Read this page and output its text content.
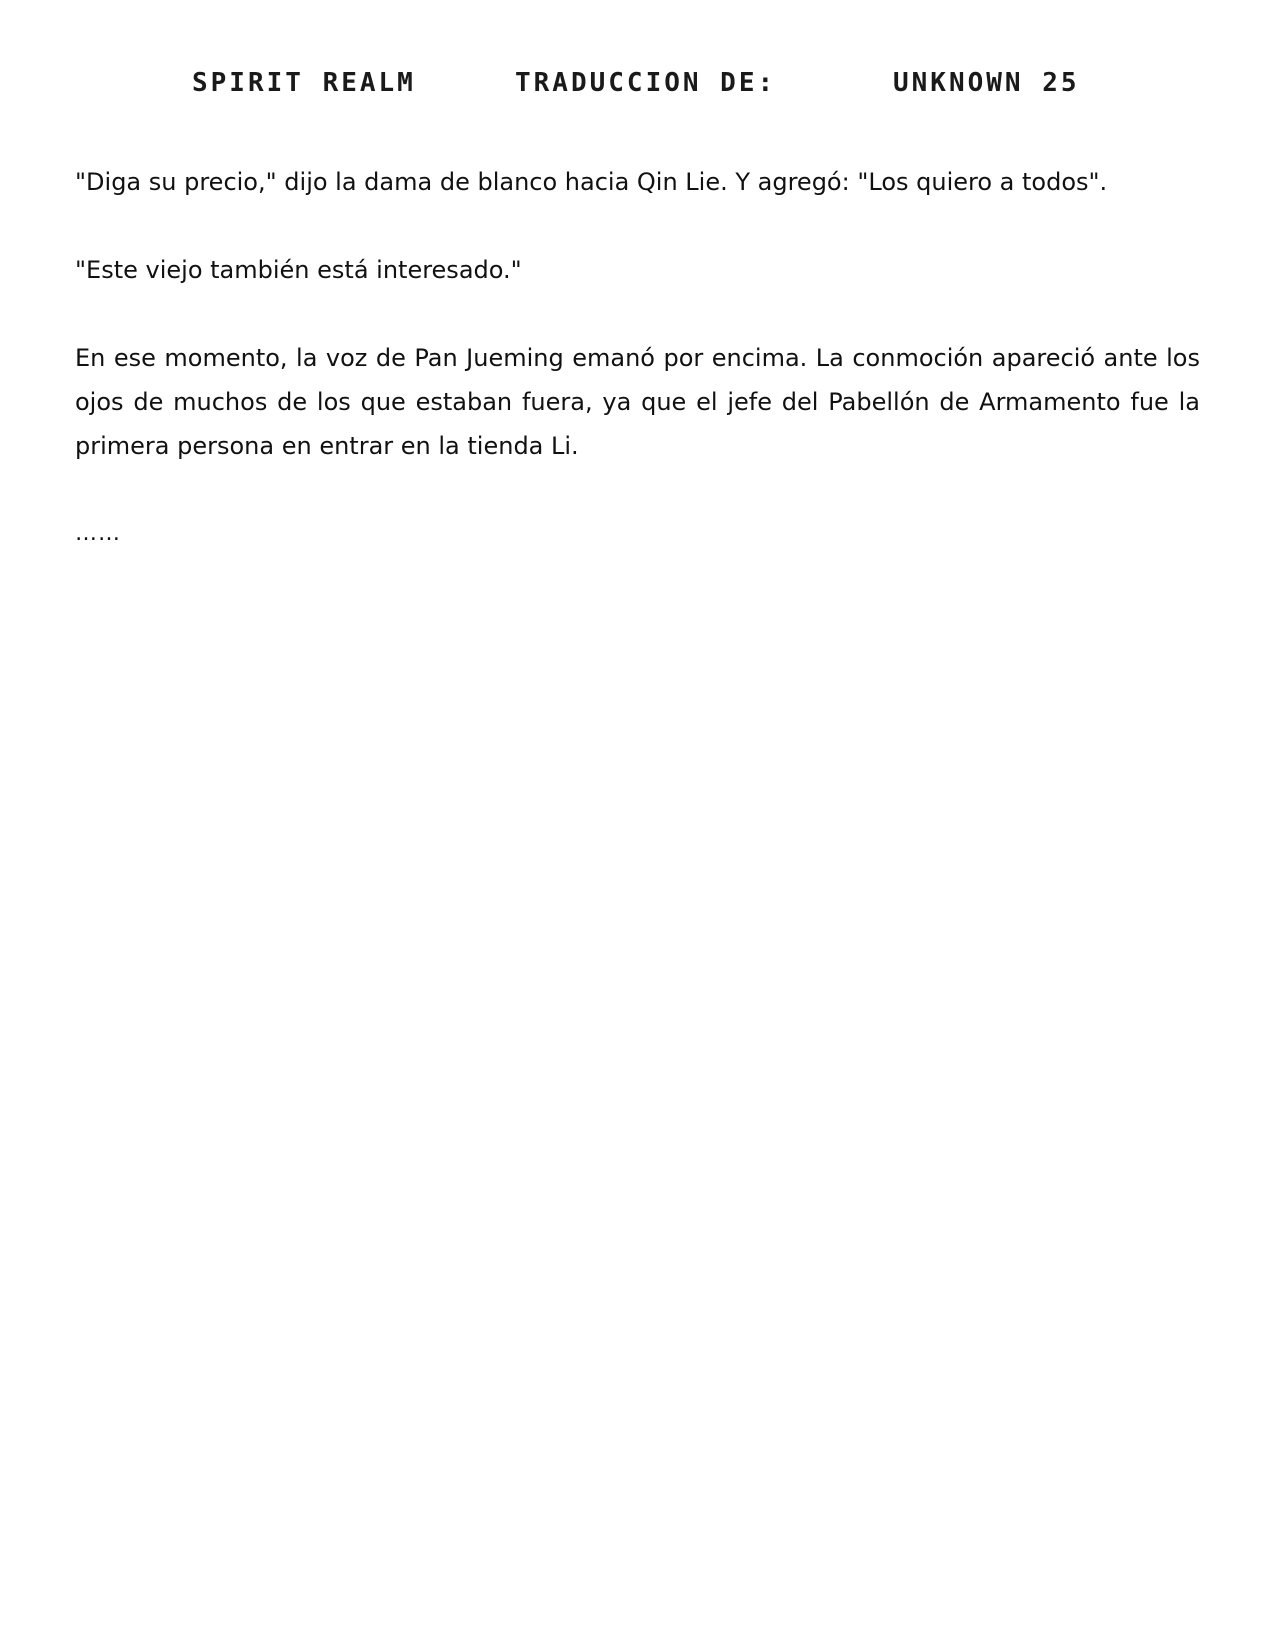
SPIRIT REALM	TRADUCCION DE:	UNKNOWN 25

"Diga su precio," dijo la dama de blanco hacia Qin Lie. Y agregó: "Los quiero a todos".

"Este viejo también está interesado."

En ese momento, la voz de Pan Jueming emanó por encima. La conmoción apareció ante los ojos de muchos de los que estaban fuera, ya que el jefe del Pabellón de Armamento fue la primera persona en entrar en la tienda Li.

……
